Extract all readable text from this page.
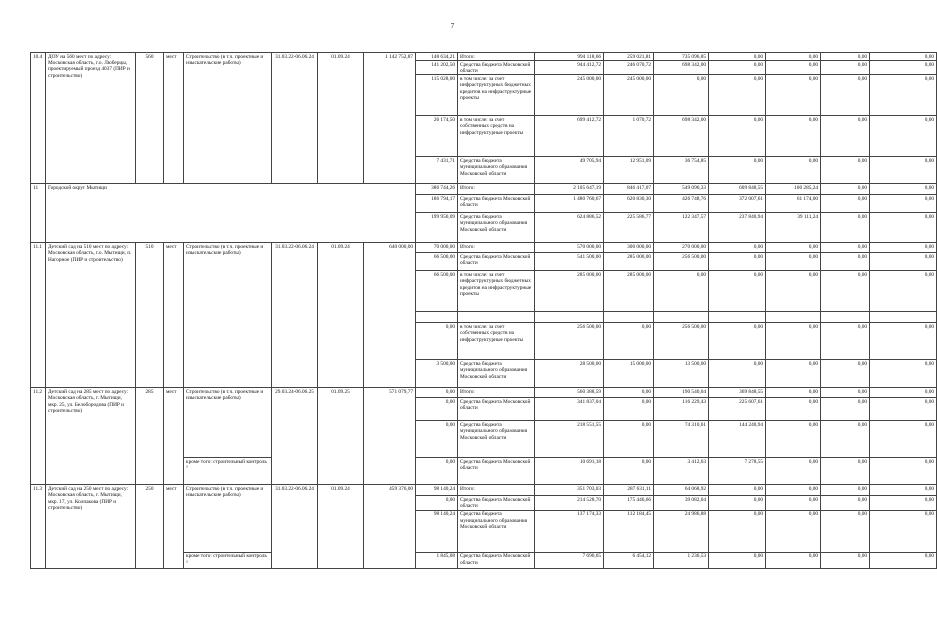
7
10.4	ДОУ на 560 мест по адресу: Московская область, г.о. Люберцы, проектируемый проезд 4037 (ПИР и строительство)	560	мест	Строительство (в т.ч. проектные и изыскательские работы)	31.03.22-06.06.24	01.09.24	1 142 752,87	148 634,21	Итого:	994 118,66	259 021,81	735 096,85	0,00	0,00	0,00	0,00
								141 202,50	Средства бюджета Московской области	944 412,72	246 070,72	698 342,00	0,00	0,00	0,00	0,00
								115 028,00	в том числе: за счет инфраструктурных бюджетных кредитов на инфраструктурные проекты	245 000,00	245 000,00	0,00	0,00	0,00	0,00	0,00
								26 174,50	в том числе: за счет собственных средств на инфраструктурные проекты	699 412,72	1 070,72	698 342,00	0,00	0,00	0,00	0,00
								7 431,71	Средства бюджета муниципального образования Московской области	49 705,94	12 951,09	36 754,85	0,00	0,00	0,00	0,00
11	Городской округ Мытищи							386 744,26	Итого:	2 105 647,19	846 417,07	549 096,33	609 848,55	100 285,24	0,00	0,00
								186 794,17	Средства бюджета Московской области	1 480 760,67	620 830,30	426 748,76	372 007,61	61 174,00	0,00	0,00
								199 950,09	Средства бюджета муниципального образования Московской области	624 886,52	225 586,77	122 347,57	237 840,94	39 111,24	0,00	0,00
11.1	Детский сад на 510 мест по адресу: Московская область, г.о. Мытищи, п. Нагорное (ПИР и строительство)	510	мест	Строительство (в т.ч. проектные и изыскательские работы)	31.03.22-06.06.24	01.09.24	640 000,00	70 000,00	Итого:	570 000,00	300 000,00	270 000,00	0,00	0,00	0,00	0,00
								66 500,00	Средства бюджета Московской области	541 500,00	285 000,00	256 500,00	0,00	0,00	0,00	0,00
								66 500,00	в том числе: за счет инфраструктурных бюджетных кредитов на инфраструктурные проекты	285 000,00	285 000,00	0,00	0,00	0,00	0,00	0,00

								0,00	в том числе: за счет собственных средств на инфраструктурные проекты	256 500,00	0,00	256 500,00	0,00	0,00	0,00	0,00
								3 500,00	Средства бюджета муниципального образования Московской области	28 500,00	15 000,00	13 500,00	0,00	0,00	0,00	0,00
11.2	Детский сад на 285 мест по адресу: Московская область, г. Мытищи, мкр. 25, ул. Белобородова (ПИР и строительство)	285	мест	Строительство (в т.ч. проектные и изыскательские работы)	29.03.24-06.06.25	01.09.25	571 079,77	0,00	Итого:	560 388,59	0,00	190 540,04	369 848,55	0,00	0,00	0,00
								0,00	Средства бюджета Московской области	341 837,04	0,00	116 229,43	225 607,61	0,00	0,00	0,00
								0,00	Средства бюджета муниципального образования Московской области	218 551,55	0,00	74 310,61	144 240,94	0,00	0,00	0,00
				кроме того: строительный контроль ³				0,00	Средства бюджета Московской области	10 691,18	0,00	3 412,63	7 278,55	0,00	0,00	0,00
11.3	Детский сад на 250 мест по адресу: Московская область, г. Мытищи, мкр. 17, ул. Колпакова (ПИР и строительство)	250	мест	Строительство (в т.ч. проектные и изыскательские работы)	31.03.22-06.06.24	01.09.24	459 376,00	98 140,24	Итого:	351 703,03	287 631,11	64 068,92	0,00	0,00	0,00	0,00
								0,00	Средства бюджета Московской области	214 528,70	175 446,66	39 082,04	0,00	0,00	0,00	0,00
								98 140,24	Средства бюджета муниципального образования Московской области	137 174,33	112 184,45	24 986,88	0,00	0,00	0,00	0,00
				кроме того: строительный контроль ³				1 845,08	Средства бюджета Московской области	7 690,65	6 454,12	1 236,53	0,00	0,00	0,00	0,00
